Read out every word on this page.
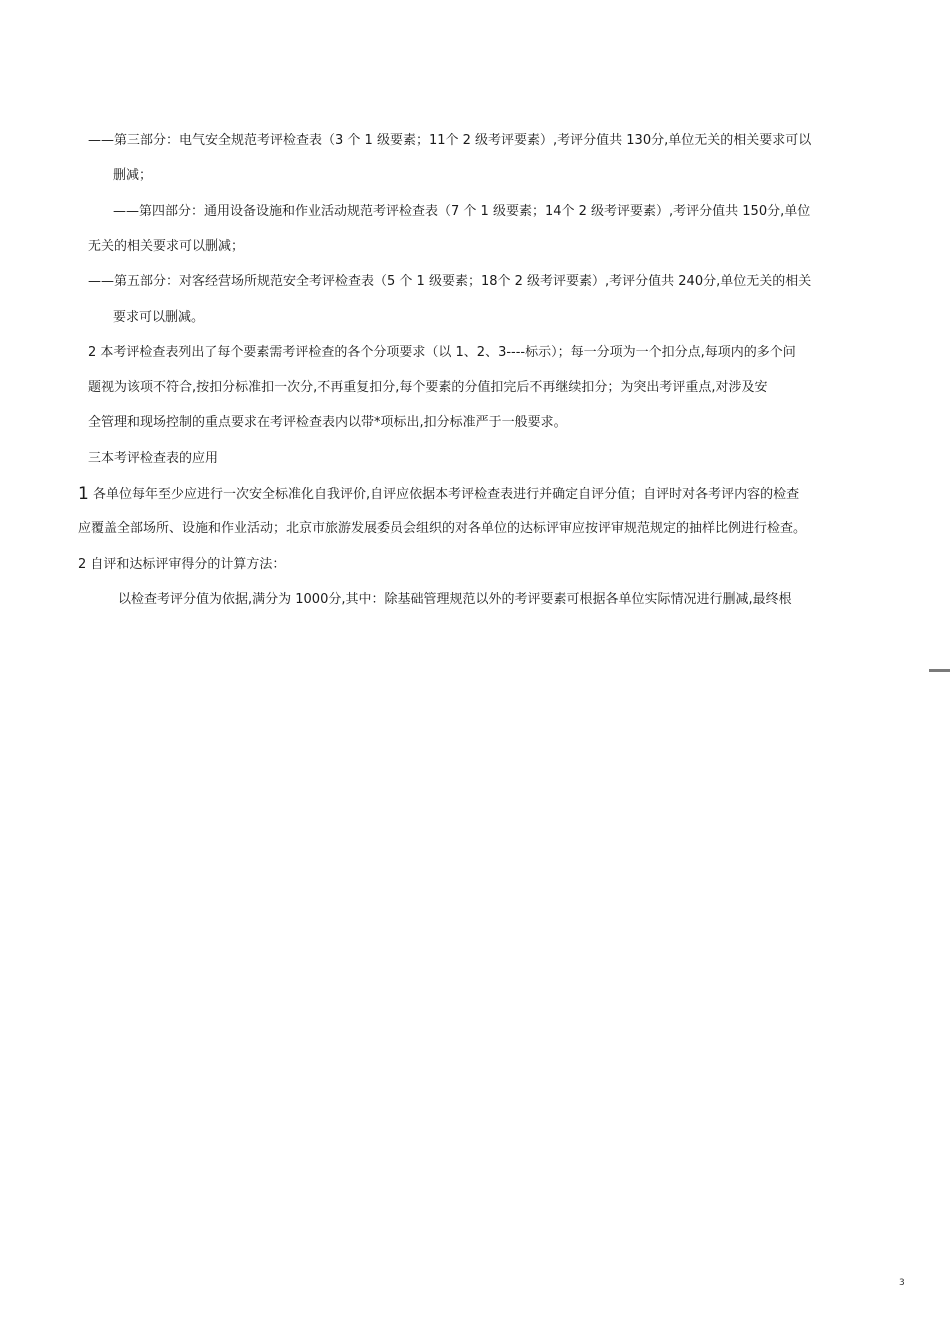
——第三部分：电气安全规范考评检查表（3 个 1 级要素；11个 2 级考评要素）,考评分值共 130分,单位无关的相关要求可以
删减；
——第四部分：通用设备设施和作业活动规范考评检查表（7 个 1 级要素；14个 2 级考评要素）,考评分值共 150分,单位
无关的相关要求可以删减；
——第五部分：对客经营场所规范安全考评检查表（5 个 1 级要素；18个 2 级考评要素）,考评分值共 240分,单位无关的相关
要求可以删减。
2 本考评检查表列出了每个要素需考评检查的各个分项要求（以 1、2、3----标示）；每一分项为一个扣分点,每项内的多个问
题视为该项不符合,按扣分标准扣一次分,不再重复扣分,每个要素的分值扣完后不再继续扣分；为突出考评重点,对涉及安
全管理和现场控制的重点要求在考评检查表内以带*项标出,扣分标准严于一般要求。
三本考评检查表的应用
1 各单位每年至少应进行一次安全标准化自我评价,自评应依据本考评检查表进行并确定自评分值；自评时对各考评内容的检查
应覆盖全部场所、设施和作业活动；北京市旅游发展委员会组织的对各单位的达标评审应按评审规范规定的抽样比例进行检查。
2 自评和达标评审得分的计算方法：
以检查考评分值为依据,满分为 1000分,其中：除基础管理规范以外的考评要素可根据各单位实际情况进行删减,最终根
3
